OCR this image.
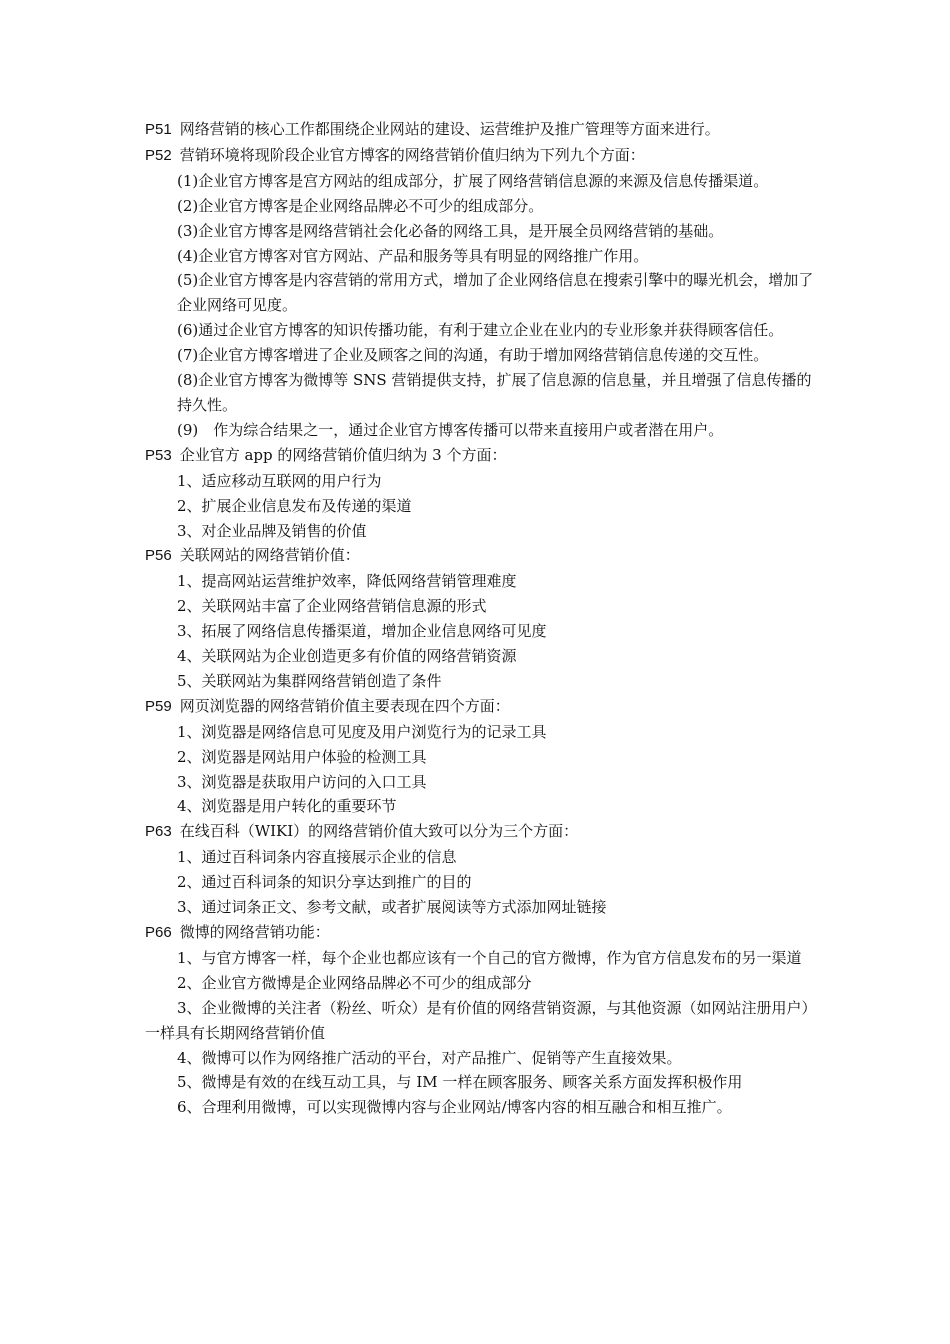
P51 网络营销的核心工作都围绕企业网站的建设、运营维护及推广管理等方面来进行。
P52 营销环境将现阶段企业官方博客的网络营销价值归纳为下列九个方面：
(1)企业官方博客是宫方网站的组成部分，扩展了网络营销信息源的来源及信息传播渠道。
(2)企业官方博客是企业网络品牌必不可少的组成部分。
(3)企业官方博客是网络营销社会化必备的网络工具，是开展全员网络营销的基础。
(4)企业官方博客对官方网站、产品和服务等具有明显的网络推广作用。
(5)企业官方博客是内容营销的常用方式，增加了企业网络信息在搜索引擎中的曝光机会，增加了企业网络可见度。
(6)通过企业官方博客的知识传播功能，有利于建立企业在业内的专业形象并获得顾客信任。
(7)企业官方博客增进了企业及顾客之间的沟通，有助于增加网络营销信息传递的交互性。
(8)企业官方博客为微博等 SNS 营销提供支持，扩展了信息源的信息量，并且增强了信息传播的持久性。
(9)　作为综合结果之一，通过企业官方博客传播可以带来直接用户或者潜在用户。
P53 企业官方 app 的网络营销价值归纳为 3 个方面：
1、适应移动互联网的用户行为
2、扩展企业信息发布及传递的渠道
3、对企业品牌及销售的价值
P56 关联网站的网络营销价值：
1、提高网站运营维护效率，降低网络营销管理难度
2、关联网站丰富了企业网络营销信息源的形式
3、拓展了网络信息传播渠道，增加企业信息网络可见度
4、关联网站为企业创造更多有价值的网络营销资源
5、关联网站为集群网络营销创造了条件
P59 网页浏览器的网络营销价值主要表现在四个方面：
1、浏览器是网络信息可见度及用户浏览行为的记录工具
2、浏览器是网站用户体验的检测工具
3、浏览器是获取用户访问的入口工具
4、浏览器是用户转化的重要环节
P63 在线百科（WIKI）的网络营销价值大致可以分为三个方面：
1、通过百科词条内容直接展示企业的信息
2、通过百科词条的知识分享达到推广的目的
3、通过词条正文、参考文献，或者扩展阅读等方式添加网址链接
P66 微博的网络营销功能：
1、与官方博客一样，每个企业也都应该有一个自己的官方微博，作为官方信息发布的另一渠道
2、企业官方微博是企业网络品牌必不可少的组成部分
3、企业微博的关注者（粉丝、听众）是有价值的网络营销资源，与其他资源（如网站注册用户）一样具有长期网络营销价值
4、微博可以作为网络推广活动的平台，对产品推广、促销等产生直接效果。
5、微博是有效的在线互动工具，与 IM 一样在顾客服务、顾客关系方面发挥积极作用
6、合理利用微博，可以实现微博内容与企业网站/博客内容的相互融合和相互推广。
